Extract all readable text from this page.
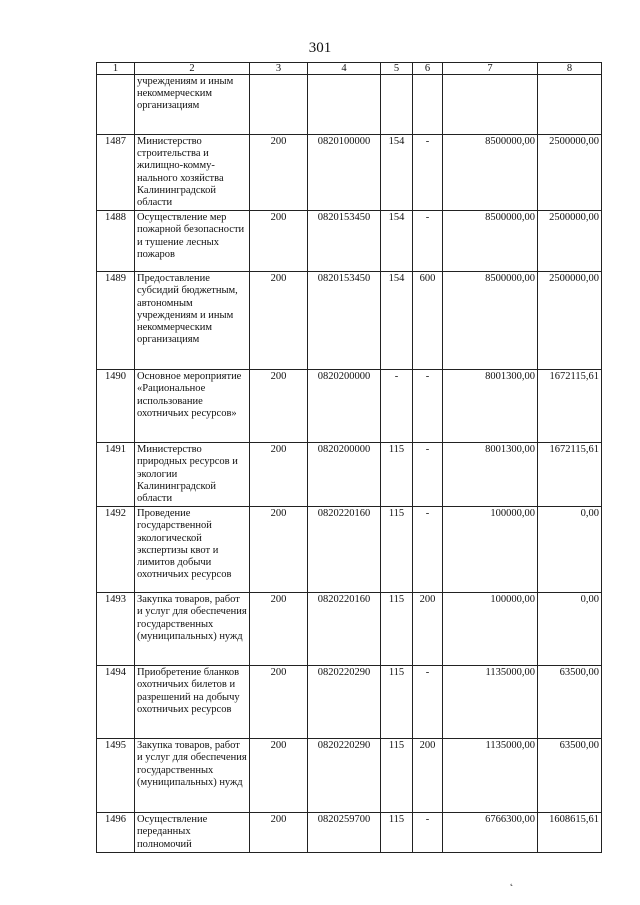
301
1	2	3	4	5	6	7	8
	учреждениям и иным некоммерческим организациям						
1487	Министерство строительства и жилищно-комму-нального хозяйства Калининградской области	200	0820100000	154	-	8500000,00	2500000,00
1488	Осуществление мер пожарной безопасности и тушение лесных пожаров	200	0820153450	154	-	8500000,00	2500000,00
1489	Предоставление субсидий бюджетным, автономным учреждениям и иным некоммерческим организациям	200	0820153450	154	600	8500000,00	2500000,00
1490	Основное мероприятие «Рациональное использование охотничьих ресурсов»	200	0820200000	-	-	8001300,00	1672115,61
1491	Министерство природных ресурсов и экологии Калининградской области	200	0820200000	115	-	8001300,00	1672115,61
1492	Проведение государственной экологической экспертизы квот и лимитов добычи охотничьих ресурсов	200	0820220160	115	-	100000,00	0,00
1493	Закупка товаров, работ и услуг для обеспечения государственных (муниципальных) нужд	200	0820220160	115	200	100000,00	0,00
1494	Приобретение бланков охотничьих билетов и разрешений на добычу охотничьих ресурсов	200	0820220290	115	-	1135000,00	63500,00
1495	Закупка товаров, работ и услуг для обеспечения государственных (муниципальных) нужд	200	0820220290	115	200	1135000,00	63500,00
1496	Осуществление переданных полномочий	200	0820259700	115	-	6766300,00	1608615,61
˛
